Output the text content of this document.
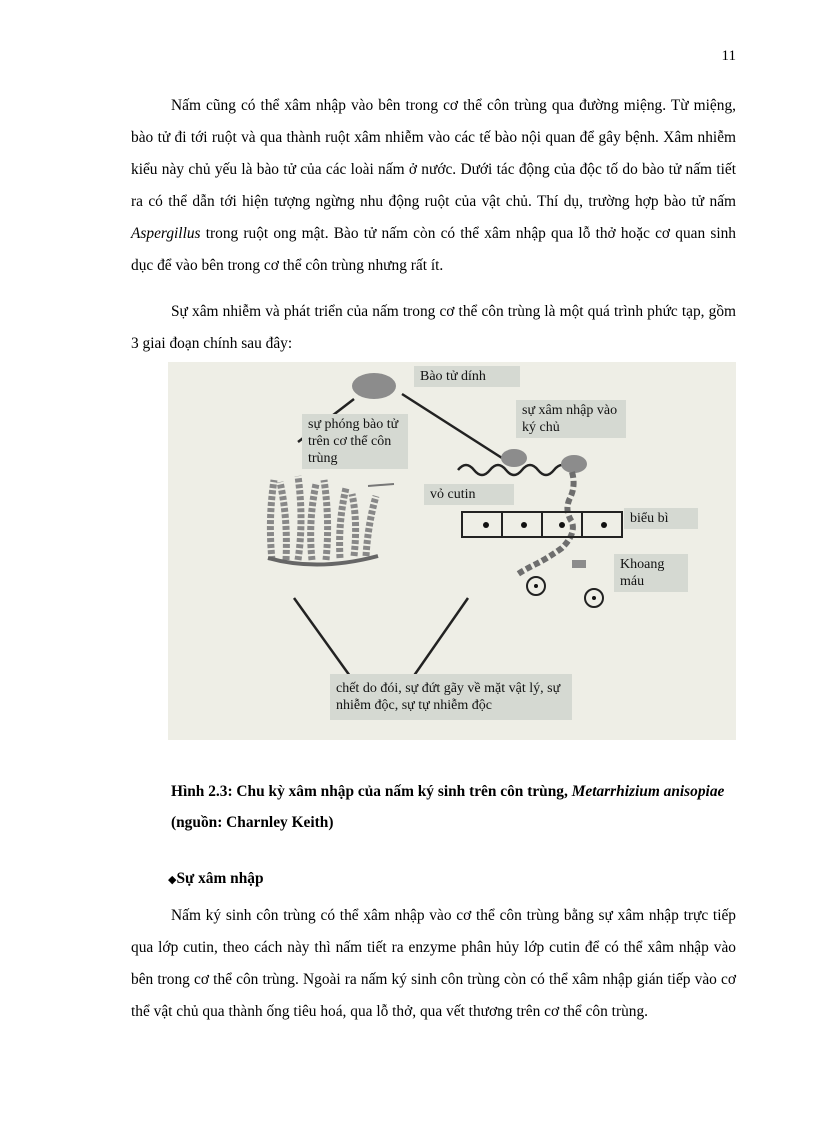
11

Nấm cũng có thể xâm nhập vào bên trong cơ thể côn trùng qua đường miệng. Từ miệng, bào tử đi tới ruột và qua thành ruột xâm nhiễm vào các tế bào nội quan để gây bệnh. Xâm nhiễm kiểu này chủ yếu là bào tử của các loài nấm ở nước. Dưới tác động của độc tố do bào tử nấm tiết ra có thể dẫn tới hiện tượng ngừng nhu động ruột của vật chủ. Thí dụ, trường hợp bào tử nấm Aspergillus trong ruột ong mật. Bào tử nấm còn có thể xâm nhập qua lỗ thở hoặc cơ quan sinh dục để vào bên trong cơ thể côn trùng nhưng rất ít.

Sự xâm nhiễm và phát triển của nấm trong cơ thể côn trùng là một quá trình phức tạp, gồm 3 giai đoạn chính sau đây:

Bào tử dính
sự xâm nhập vào ký chủ
sự phóng bào tử trên cơ thể côn trùng
vỏ cutin
biểu bì
Khoang máu
chết do đói, sự đứt gãy về mặt vật lý, sự nhiễm độc, sự tự nhiễm độc

Hình 2.3: Chu kỳ xâm nhập của nấm ký sinh trên côn trùng, Metarrhizium anisopiae (nguồn: Charnley Keith)

◆Sự xâm nhập

Nấm ký sinh côn trùng có thể xâm nhập vào cơ thể côn trùng bằng sự xâm nhập trực tiếp qua lớp cutin, theo cách này thì nấm tiết ra enzyme phân hủy lớp cutin để có thể xâm nhập vào bên trong cơ thể côn trùng. Ngoài ra nấm ký sinh côn trùng còn có thể xâm nhập gián tiếp vào cơ thể vật chủ qua thành ống tiêu hoá, qua lỗ thở, qua vết thương trên cơ thể côn trùng.
